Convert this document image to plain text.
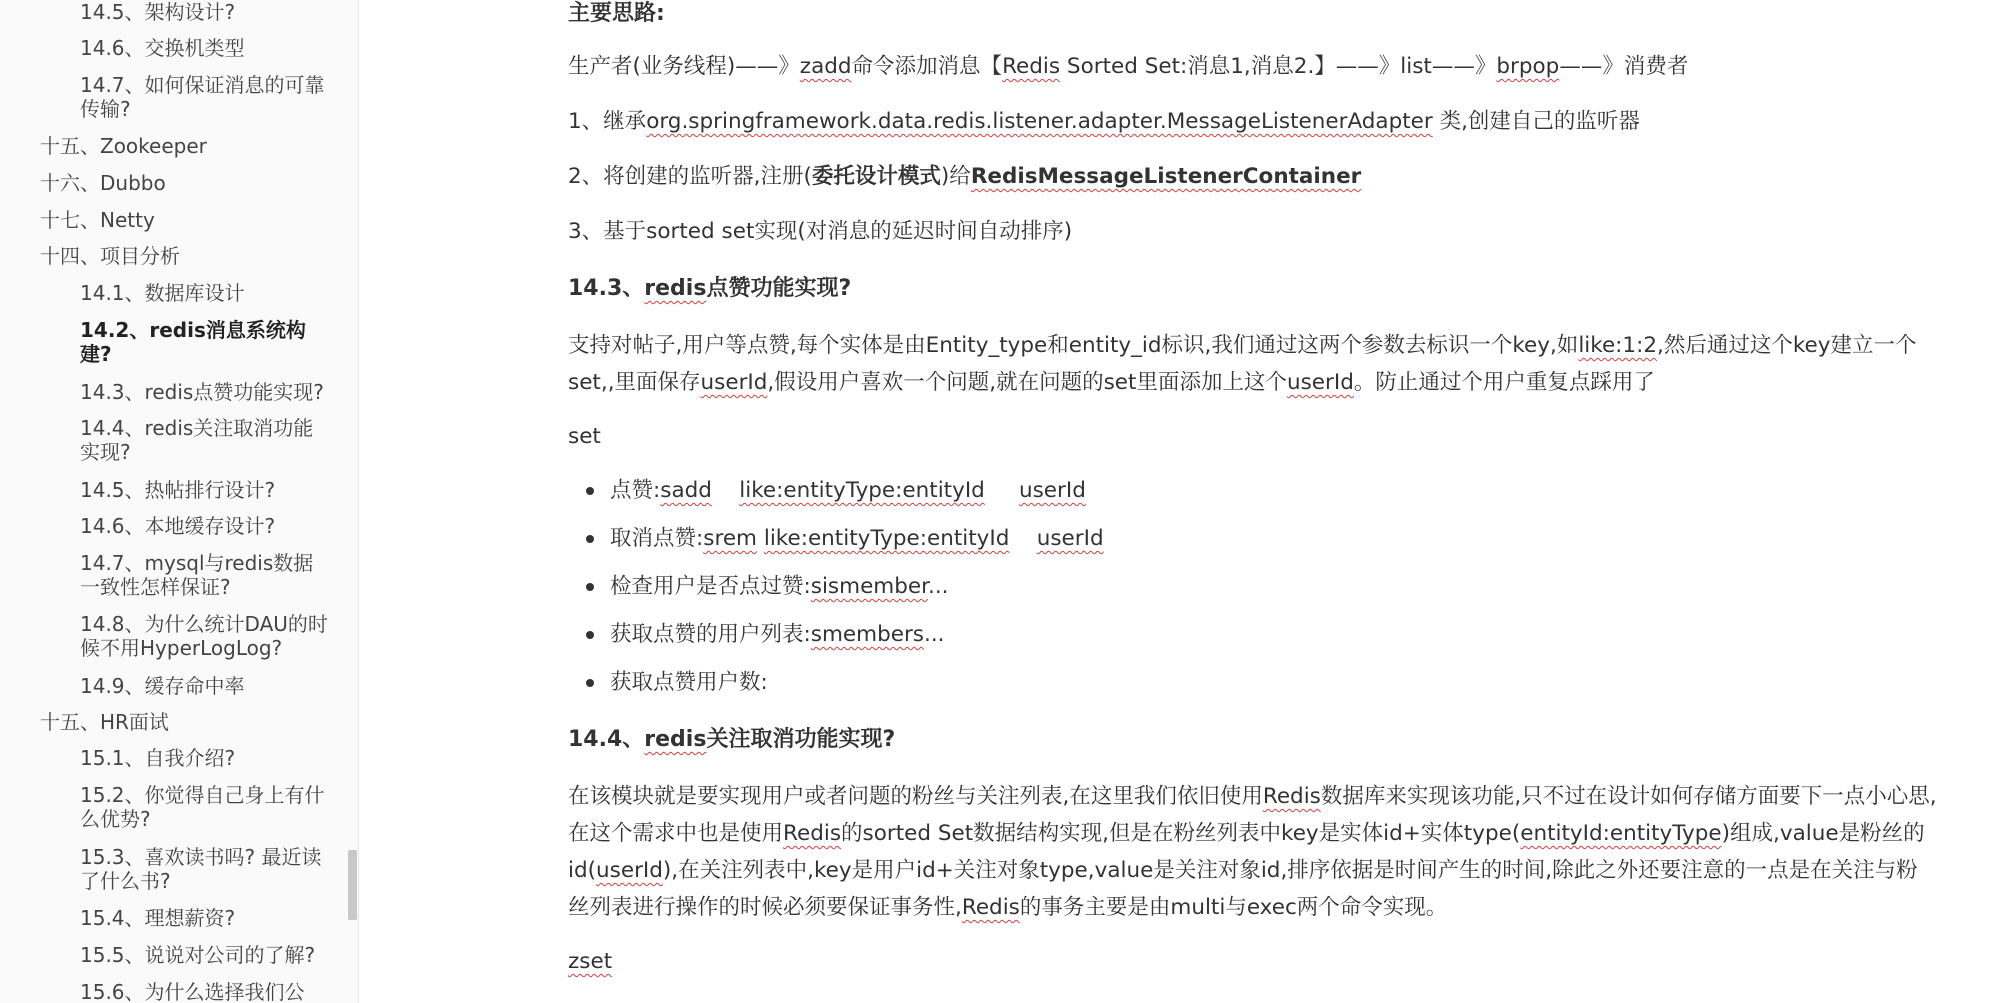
14.5、架构设计?
14.6、交换机类型
14.7、如何保证消息的可靠传输?
十五、Zookeeper
十六、Dubbo
十七、Netty
十四、项目分析
14.1、数据库设计
14.2、redis消息系统构建?
14.3、redis点赞功能实现?
14.4、redis关注取消功能实现?
14.5、热帖排行设计?
14.6、本地缓存设计?
14.7、mysql与redis数据一致性怎样保证?
14.8、为什么统计DAU的时候不用HyperLogLog?
14.9、缓存命中率
十五、HR面试
15.1、自我介绍?
15.2、你觉得自己身上有什么优势?
15.3、喜欢读书吗? 最近读了什么书?
15.4、理想薪资?
15.5、说说对公司的了解?
15.6、为什么选择我们公
主要思路:

生产者(业务线程)——》zadd命令添加消息【Redis Sorted Set:消息1,消息2.】——》list——》brpop——》消费者

1、继承org.springframework.data.redis.listener.adapter.MessageListenerAdapter 类,创建自己的监听器

2、将创建的监听器,注册(委托设计模式)给RedisMessageListenerContainer

3、基于sorted set实现(对消息的延迟时间自动排序)

14.3、redis点赞功能实现?

支持对帖子,用户等点赞,每个实体是由Entity_type和entity_id标识,我们通过这两个参数去标识一个key,如like:1:2,然后通过这个key建立一个set,,里面保存userId,假设用户喜欢一个问题,就在问题的set里面添加上这个userId。防止通过个用户重复点踩用了

set

点赞:sadd like:entityType:entityId userId
取消点赞:srem like:entityType:entityId userId
检查用户是否点过赞:sismember...
获取点赞的用户列表:smembers...
获取点赞用户数:
14.4、redis关注取消功能实现?

在该模块就是要实现用户或者问题的粉丝与关注列表,在这里我们依旧使用Redis数据库来实现该功能,只不过在设计如何存储方面要下一点小心思,在这个需求中也是使用Redis的sorted Set数据结构实现,但是在粉丝列表中key是实体id+实体type(entityId:entityType)组成,value是粉丝的id(userId),在关注列表中,key是用户id+关注对象type,value是关注对象id,排序依据是时间产生的时间,除此之外还要注意的一点是在关注与粉丝列表进行操作的时候必须要保证事务性,Redis的事务主要是由multi与exec两个命令实现。

zset
